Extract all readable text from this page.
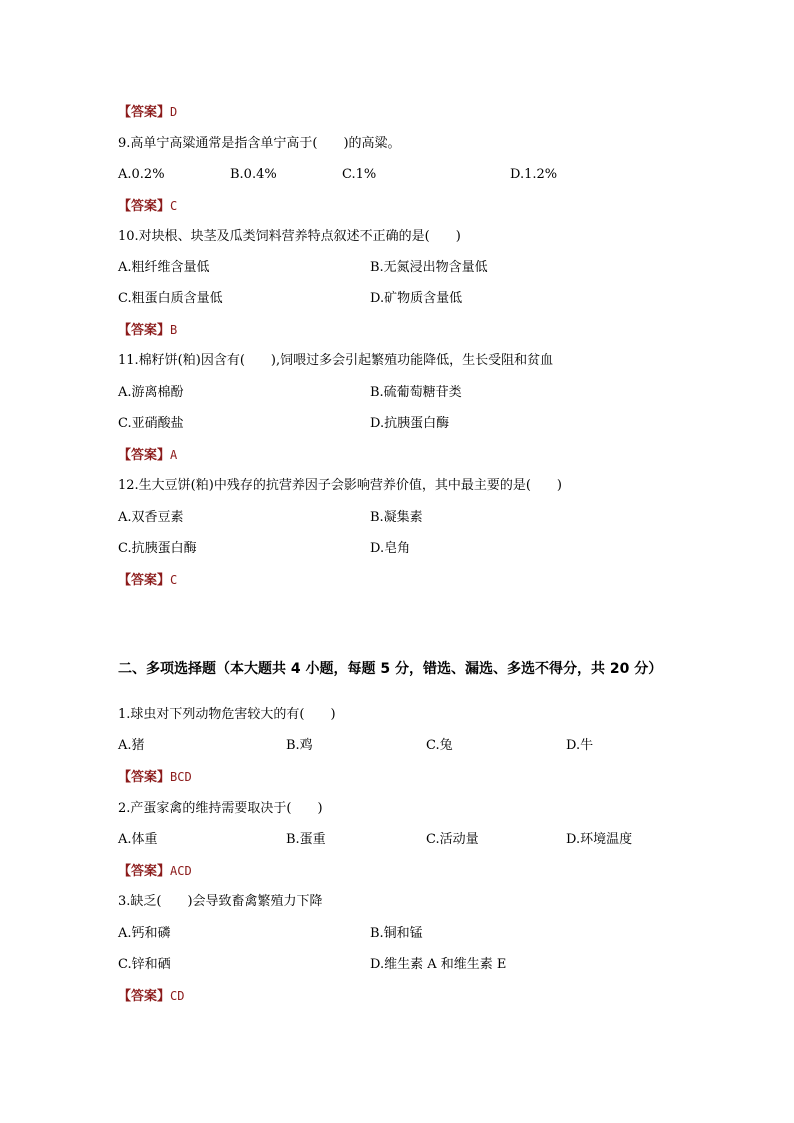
【答案】D
9.高单宁高粱通常是指含单宁高于(　　)的高粱。
A.0.2%	B.0.4%	C.1%	D.1.2%
【答案】C
10.对块根、块茎及瓜类饲料营养特点叙述不正确的是(　　)
A.粗纤维含量低	B.无氮浸出物含量低
C.粗蛋白质含量低	D.矿物质含量低
【答案】B
11.棉籽饼(粕)因含有(　　),饲喂过多会引起繁殖功能降低，生长受阻和贫血
A.游离棉酚	B.硫葡萄糖苷类
C.亚硝酸盐	D.抗胰蛋白酶
【答案】A
12.生大豆饼(粕)中残存的抗营养因子会影响营养价值，其中最主要的是(　　)
A.双香豆素	B.凝集素
C.抗胰蛋白酶	D.皂角
【答案】C
二、多项选择题（本大题共 4 小题，每题 5 分，错选、漏选、多选不得分，共 20 分）
1.球虫对下列动物危害较大的有(　　)
A.猪	B.鸡	C.兔	D.牛
【答案】BCD
2.产蛋家禽的维持需要取决于(　　)
A.体重	B.蛋重	C.活动量	D.环境温度
【答案】ACD
3.缺乏(　　)会导致畜禽繁殖力下降
A.钙和磷	B.铜和锰
C.锌和硒	D.维生素 A 和维生素 E
【答案】CD
